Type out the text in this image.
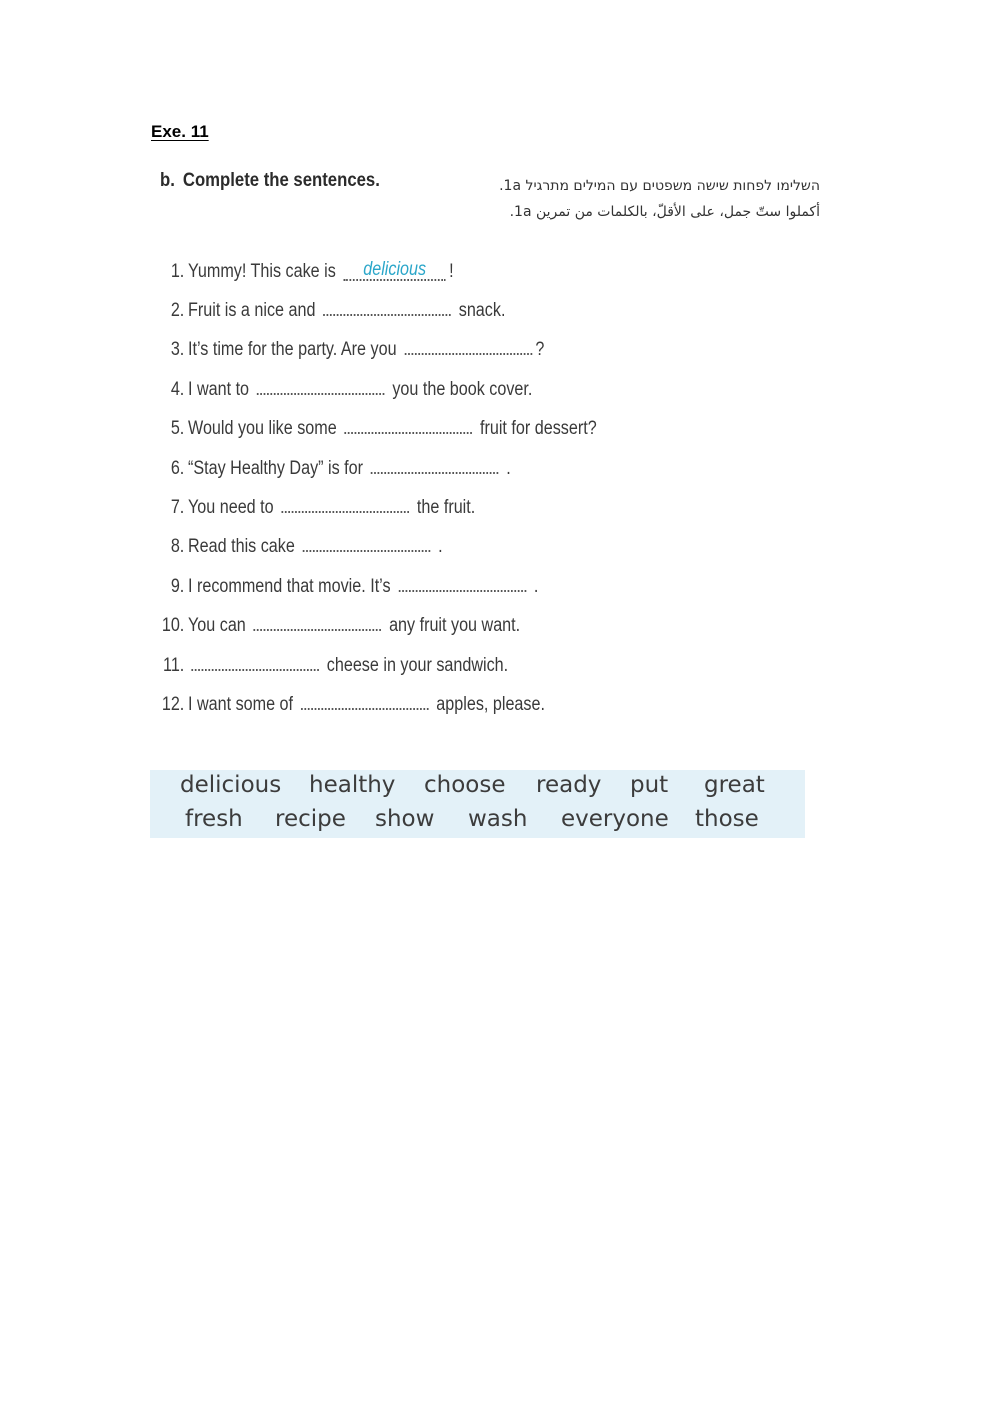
Exe. 11
b. Complete the sentences.	השלימו לפחות שישה משפטים עם המילים מתרגיל 1a.
أكملوا ستّ جمل، على الأقلّ، بالكلمات من تمرين 1a.
1. Yummy! This cake is delicious !
2. Fruit is a nice and	snack.
3. It’s time for the party. Are you	?
4. I want to	you the book cover.
5. Would you like some	fruit for dessert?
6. “Stay Healthy Day” is for	.
7. You need to	the fruit.
8. Read this cake	.
9. I recommend that movie. It’s	.
10. You can	any fruit you want.
11.	cheese in your sandwich.
12. I want some of	apples, please.
delicious healthy choose ready put great
fresh recipe show wash everyone those
